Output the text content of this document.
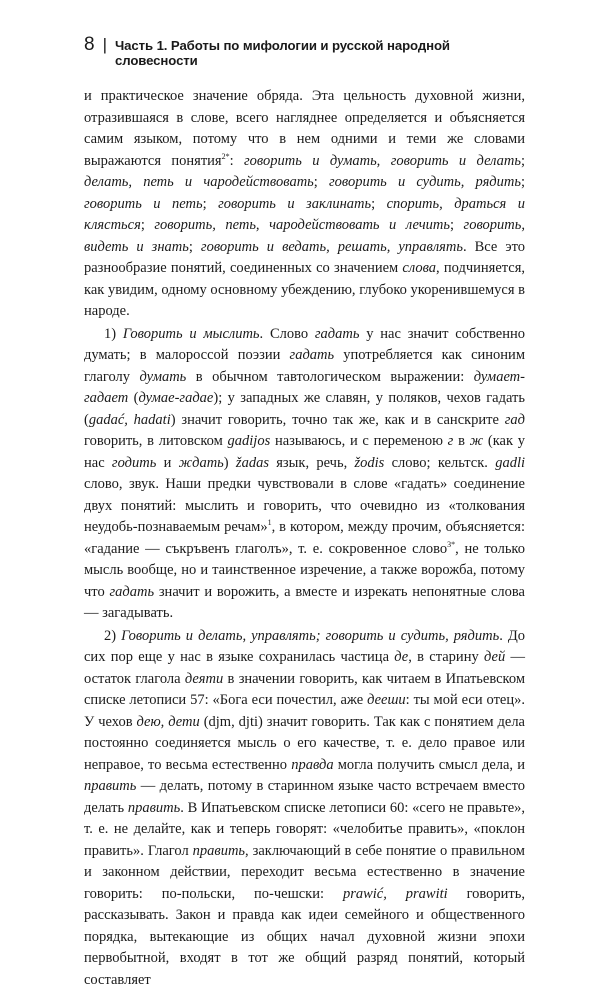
8 | Часть 1. Работы по мифологии и русской народной словесности

и практическое значение обряда. Эта цельность духовной жизни, отразившаяся в слове, всего нагляднее определяется и объясняется самим языком, потому что в нем одними и теми же словами выражаются понятия$^{2*}$: говорить и думать, говорить и делать; делать, петь и чародействовать; говорить и судить, рядить; говорить и петь; говорить и заклинать; спорить, драться и клясться; говорить, петь, чародействовать и лечить; говорить, видеть и знать; говорить и ведать, решать, управлять. Все это разнообразие понятий, соединенных со значением слова, подчиняется, как увидим, одному основному убеждению, глубоко укоренившемуся в народе.

1) Говорить и мыслить. Слово гадать у нас значит собственно думать; в малороссой поэзии гадать употребляется как синоним глаголу думать в обычном тавтологическом выражении: думает-гадает (думае-гадае); у западных же славян, у поляков, чехов гадать (gadać, hadati) значит говорить, точно так же, как и в санскрите гад говорить, в литовском gadijos называюсь, и с переменою г в ж (как у нас годить и ждать) žadas язык, речь, žodis слово; кельтск. gadli слово, звук. Наши предки чувствовали в слове «гадать» соединение двух понятий: мыслить и говорить, что очевидно из «толкования неудобь-познаваемым речам»$^1$, в котором, между прочим, объясняется: «гадание — съкръвенъ глаголъ», т. е. сокровенное слово$^{3*}$, не только мысль вообще, но и таинственное изречение, а также ворожба, потому что гадать значит и ворожить, а вместе и изрекать непонятные слова — загадывать.

2) Говорить и делать, управлять; говорить и судить, рядить. До сих пор еще у нас в языке сохранилась частица де, в старину дей — остаток глагола деяти в значении говорить, как читаем в Ипатьевском списке летописи 57: «Бога еси почестил, аже дееши: ты мой еси отец». У чехов дею, дети (djm, djti) значит говорить. Так как с понятием дела постоянно соединяется мысль о его качестве, т. е. дело правое или неправое, то весьма естественно правда могла получить смысл дела, и править — делать, потому в старинном языке часто встречаем вместо делать править. В Ипатьевском списке летописи 60: «сего не правьте», т. е. не делайте, как и теперь говорят: «челобитье править», «поклон править». Глагол править, заключающий в себе понятие о правильном и законном действии, переходит весьма естественно в значение говорить: по-польски, по-чешски: prawić, prawiti говорить, рассказывать. Закон и правда как идеи семейного и общественного порядка, вытекающие из общих начал духовной жизни эпохи первобытной, входят в тот же общий разряд понятий, который составляет
